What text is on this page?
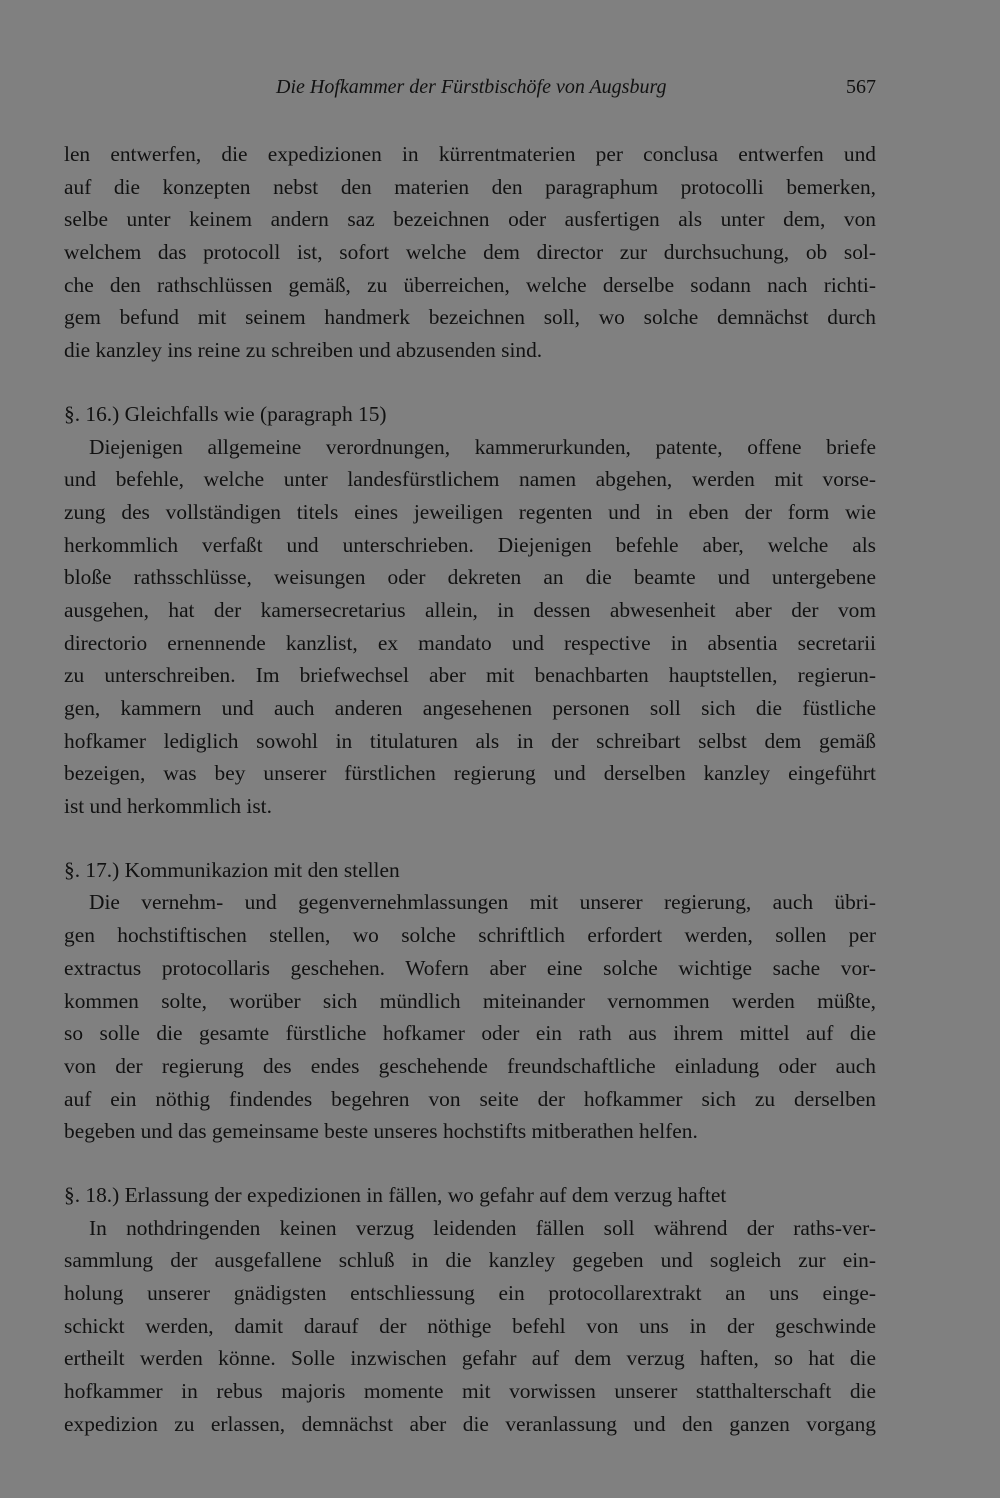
Die Hofkammer der Fürstbischöfe von Augsburg	567
len entwerfen, die expedizionen in kürrentmaterien per conclusa entwerfen und
auf die konzepten nebst den materien den paragraphum protocolli bemerken,
selbe unter keinem andern saz bezeichnen oder ausfertigen als unter dem, von
welchem das protocoll ist, sofort welche dem director zur durchsuchung, ob sol-
che den rathschlüssen gemäß, zu überreichen, welche derselbe sodann nach richti-
gem befund mit seinem handmerk bezeichnen soll, wo solche demnächst durch
die kanzley ins reine zu schreiben und abzusenden sind.
§. 16.) Gleichfalls wie (paragraph 15)
Diejenigen allgemeine verordnungen, kammerurkunden, patente, offene briefe
und befehle, welche unter landesfürstlichem namen abgehen, werden mit vorse-
zung des vollständigen titels eines jeweiligen regenten und in eben der form wie
herkommlich verfaßt und unterschrieben. Diejenigen befehle aber, welche als
bloße rathsschlüsse, weisungen oder dekreten an die beamte und untergebene
ausgehen, hat der kamersecretarius allein, in dessen abwesenheit aber der vom
directorio ernennende kanzlist, ex mandato und respective in absentia secretarii
zu unterschreiben. Im briefwechsel aber mit benachbarten hauptstellen, regierun-
gen, kammern und auch anderen angesehenen personen soll sich die füstliche
hofkamer lediglich sowohl in titulaturen als in der schreibart selbst dem gemäß
bezeigen, was bey unserer fürstlichen regierung und derselben kanzley eingeführt
ist und herkommlich ist.
§. 17.) Kommunikazion mit den stellen
Die vernehm- und gegenvernehmlassungen mit unserer regierung, auch übri-
gen hochstiftischen stellen, wo solche schriftlich erfordert werden, sollen per
extractus protocollaris geschehen. Wofern aber eine solche wichtige sache vor-
kommen solte, worüber sich mündlich miteinander vernommen werden müßte,
so solle die gesamte fürstliche hofkamer oder ein rath aus ihrem mittel auf die
von der regierung des endes geschehende freundschaftliche einladung oder auch
auf ein nöthig findendes begehren von seite der hofkammer sich zu derselben
begeben und das gemeinsame beste unseres hochstifts mitberathen helfen.
§. 18.) Erlassung der expedizionen in fällen, wo gefahr auf dem verzug haftet
In nothdringenden keinen verzug leidenden fällen soll während der raths-ver-
sammlung der ausgefallene schluß in die kanzley gegeben und sogleich zur ein-
holung unserer gnädigsten entschliessung ein protocollarextrakt an uns einge-
schickt werden, damit darauf der nöthige befehl von uns in der geschwinde
ertheilt werden könne. Solle inzwischen gefahr auf dem verzug haften, so hat die
hofkammer in rebus majoris momente mit vorwissen unserer statthalterschaft die
expedizion zu erlassen, demnächst aber die veranlassung und den ganzen vorgang
